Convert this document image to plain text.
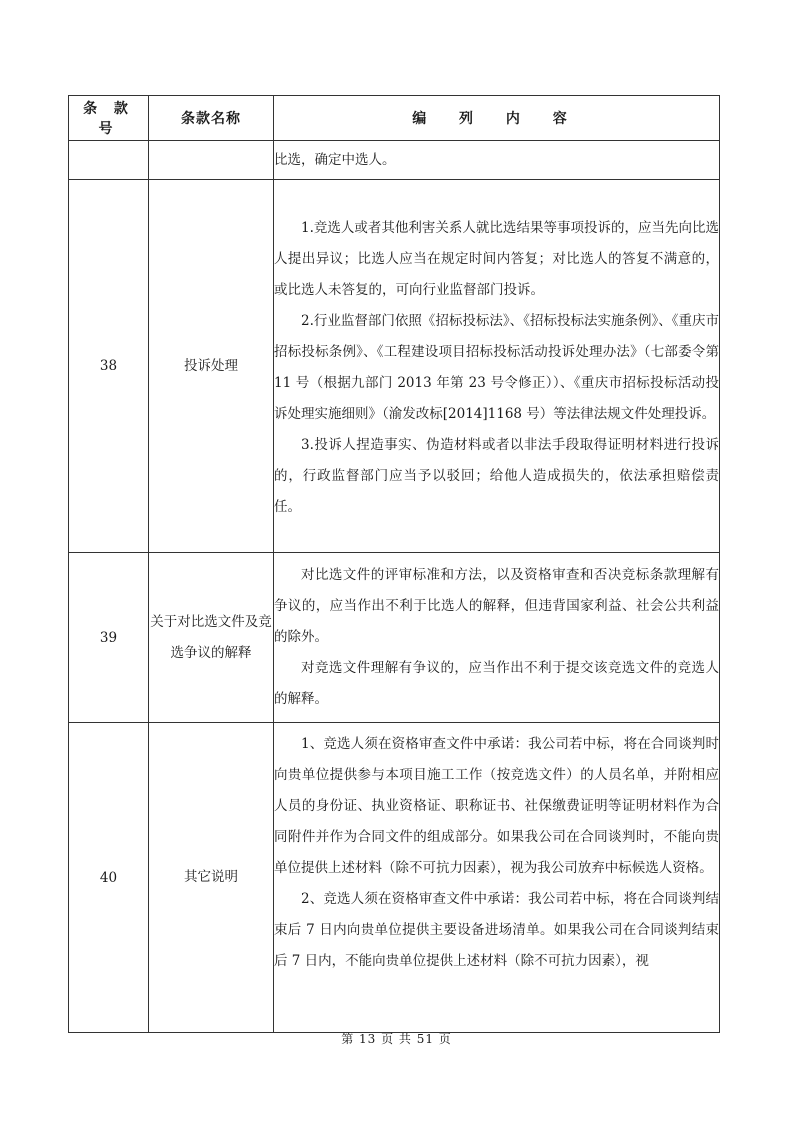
条 款 号	条款名称	编 列 内 容

		比选，确定中选人。

38	投诉处理	1.竞选人或者其他利害关系人就比选结果等事项投诉的，应当先向比选人提出异议；比选人应当在规定时间内答复；对比选人的答复不满意的，或比选人未答复的，可向行业监督部门投诉。

2.行业监督部门依照《招标投标法》、《招标投标法实施条例》、《重庆市招标投标条例》、《工程建设项目招标投标活动投诉处理办法》（七部委令第 11 号（根据九部门 2013 年第 23 号令修正））、《重庆市招标投标活动投诉处理实施细则》（渝发改标[2014]1168 号）等法律法规文件处理投诉。

3.投诉人捏造事实、伪造材料或者以非法手段取得证明材料进行投诉的，行政监督部门应当予以驳回；给他人造成损失的，依法承担赔偿责任。

39	关于对比选文件及竞选争议的解释	对比选文件的评审标准和方法，以及资格审查和否决竞标条款理解有争议的，应当作出不利于比选人的解释，但违背国家利益、社会公共利益的除外。

对竞选文件理解有争议的，应当作出不利于提交该竞选文件的竞选人的解释。

40	其它说明	1、竞选人须在资格审查文件中承诺：我公司若中标，将在合同谈判时向贵单位提供参与本项目施工工作（按竞选文件）的人员名单，并附相应人员的身份证、执业资格证、职称证书、社保缴费证明等证明材料作为合同附件并作为合同文件的组成部分。如果我公司在合同谈判时，不能向贵单位提供上述材料（除不可抗力因素），视为我公司放弃中标候选人资格。

2、竞选人须在资格审查文件中承诺：我公司若中标，将在合同谈判结束后 7 日内向贵单位提供主要设备进场清单。如果我公司在合同谈判结束后 7 日内，不能向贵单位提供上述材料（除不可抗力因素），视

第 13 页 共 51 页
